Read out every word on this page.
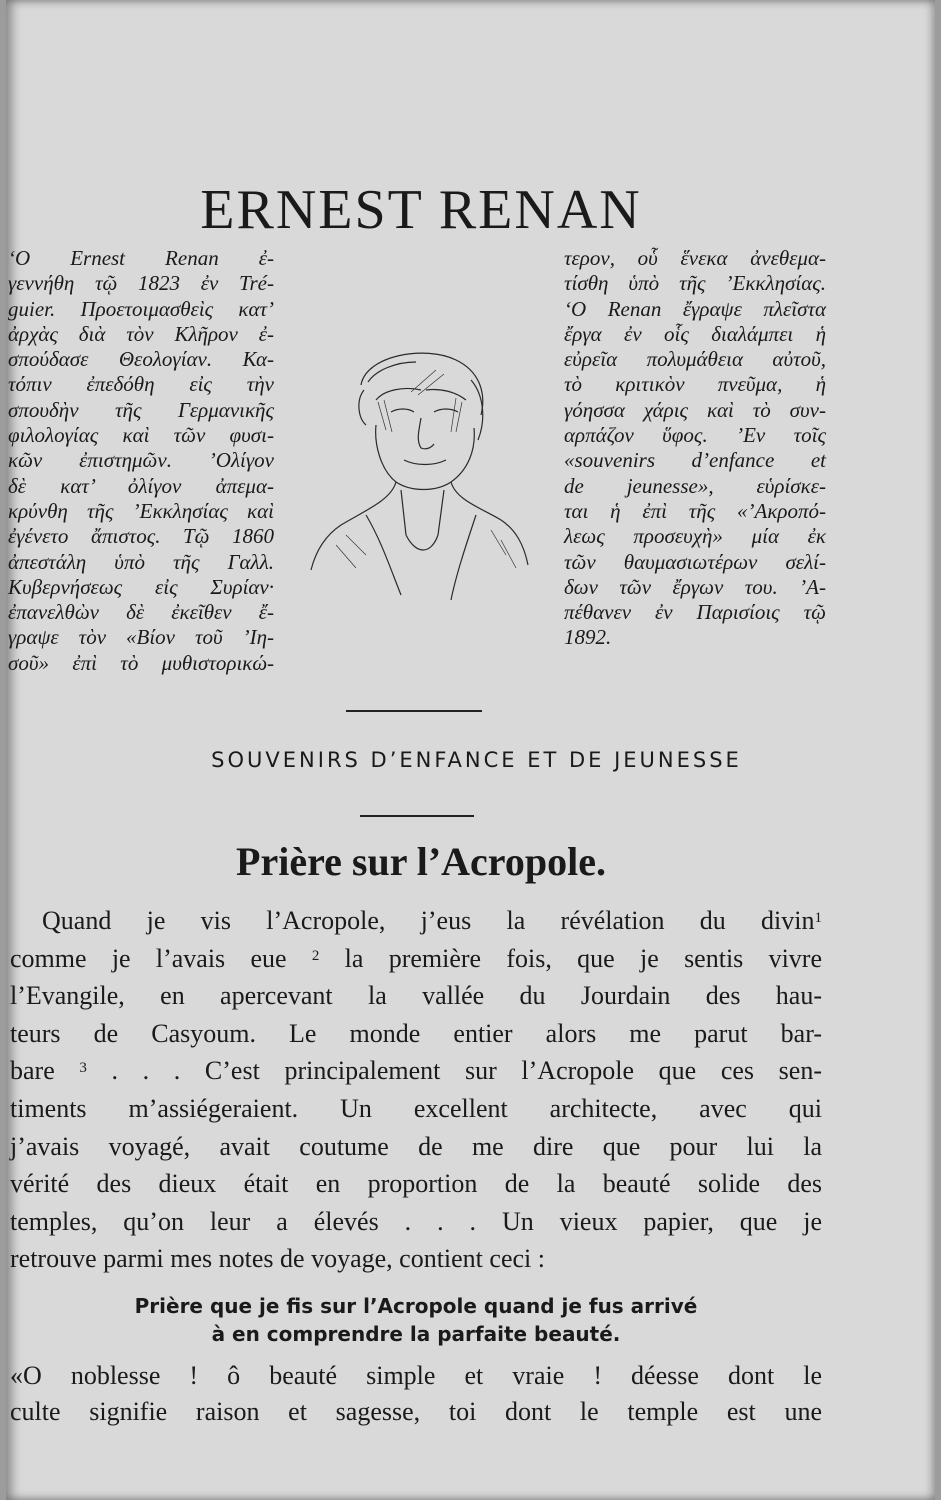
ERNEST RENAN
‘Ο Ernest Renan ἐ-
γεννήθη τῷ 1823 ἐν Tré-
guier. Προετοιμασθεὶς κατ’
ἀρχὰς διὰ τὸν Κλῆρον ἐ-
σπούδασε Θεολογίαν. Κα-
τόπιν ἐπεδόθη εἰς τὴν
σπουδὴν τῆς Γερμανικῆς
φιλολογίας καὶ τῶν φυσι-
κῶν ἐπιστημῶν. ’Ολίγον
δὲ κατ’ ὀλίγον ἀπεμα-
κρύνθη τῆς ’Εκκλησίας καὶ
ἐγένετο ἄπιστος. Τῷ 1860
ἀπεστάλη ὑπὸ τῆς Γαλλ.
Κυβερνήσεως εἰς Συρίαν·
ἐπανελθὼν δὲ ἐκεῖθεν ἔ-
γραψε τὸν «Βίον τοῦ ’Ιη-
σοῦ» ἐπὶ τὸ μυθιστορικώ-
τερον, οὗ ἕνεκα ἀνεθεμα-
τίσθη ὑπὸ τῆς ’Εκκλησίας.
‘Ο Renan ἔγραψε πλεῖστα
ἔργα ἐν οἷς διαλάμπει ἡ
εὐρεῖα πολυμάθεια αὐτοῦ,
τὸ κριτικὸν πνεῦμα, ἡ
γόησσα χάρις καὶ τὸ συν-
αρπάζον ὕφος. ’Εν τοῖς
«souvenirs d’enfance et
de jeunesse», εὑρίσκε-
ται ἡ ἐπὶ τῆς «’Ακροπό-
λεως προσευχὴ» μία ἐκ
τῶν θαυμασιωτέρων σελί-
δων τῶν ἔργων του. ’Α-
πέθανεν ἐν Παρισίοις τῷ
1892.
SOUVENIRS D’ENFANCE ET DE JEUNESSE
Prière sur l’Acropole.
Quand je vis l’Acropole, j’eus la révélation du divin$^1$
comme je l’avais eue $^2$ la première fois, que je sentis vivre
l’Evangile, en apercevant la vallée du Jourdain des hau-
teurs de Casyoum. Le monde entier alors me parut bar-
bare $^3$ . . . C’est principalement sur l’Acropole que ces sen-
timents m’assiégeraient. Un excellent architecte, avec qui
j’avais voyagé, avait coutume de me dire que pour lui la
vérité des dieux était en proportion de la beauté solide des
temples, qu’on leur a élevés . . . Un vieux papier, que je
retrouve parmi mes notes de voyage, contient ceci :
Prière que je fis sur l’Acropole quand je fus arrivé
à en comprendre la parfaite beauté.
«O noblesse ! ô beauté simple et vraie ! déesse dont le
culte signifie raison et sagesse, toi dont le temple est une
